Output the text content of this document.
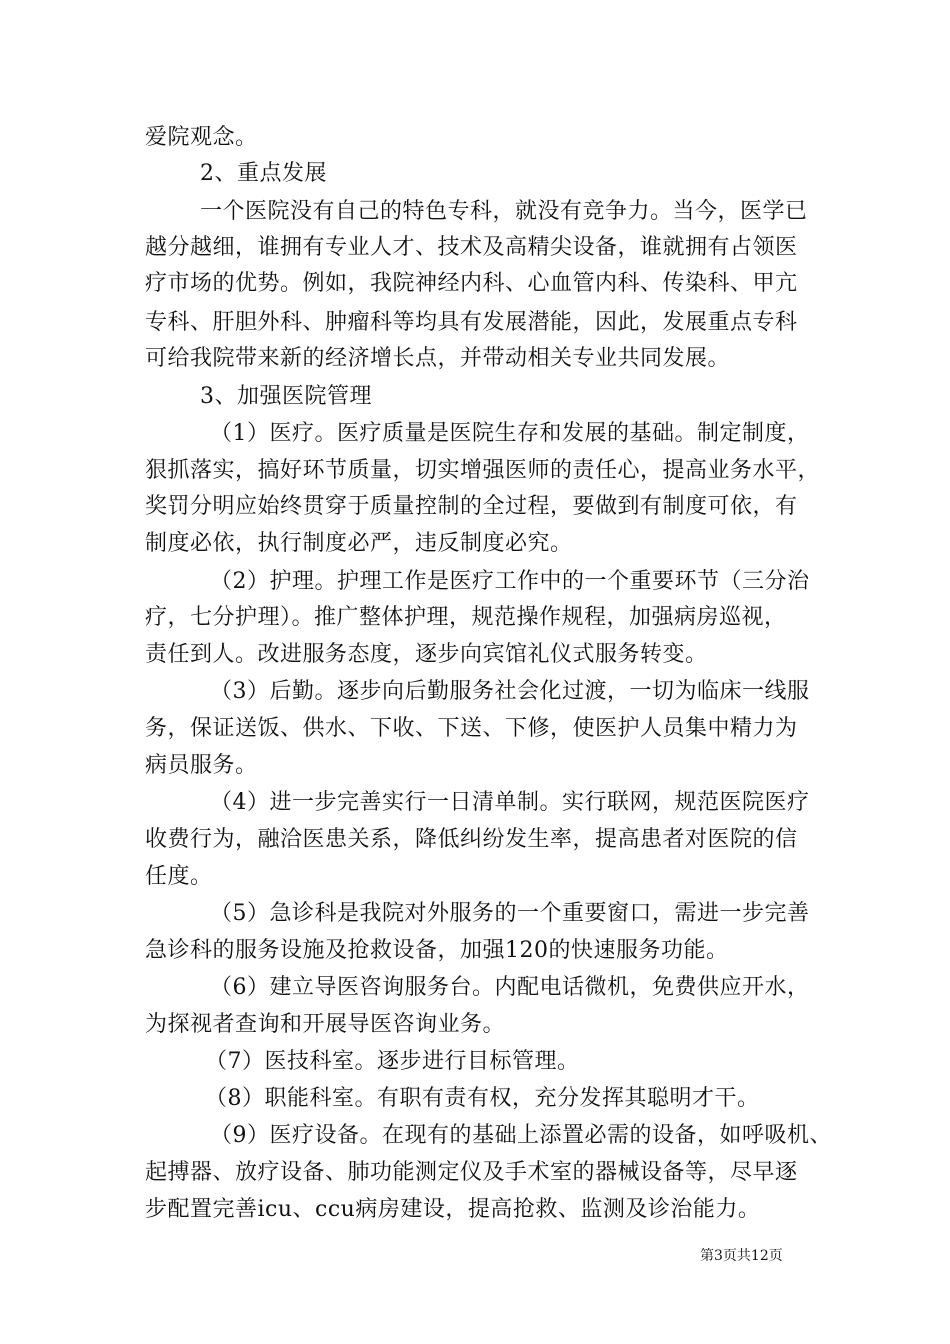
爱院观念。
2、重点发展
一个医院没有自己的特色专科，就没有竞争力。当今，医学已
越分越细，谁拥有专业人才、技术及高精尖设备，谁就拥有占领医
疗市场的优势。例如，我院神经内科、心血管内科、传染科、甲亢
专科、肝胆外科、肿瘤科等均具有发展潜能，因此，发展重点专科
可给我院带来新的经济增长点，并带动相关专业共同发展。
3、加强医院管理
（1）医疗。医疗质量是医院生存和发展的基础。制定制度，
狠抓落实，搞好环节质量，切实增强医师的责任心，提高业务水平，
奖罚分明应始终贯穿于质量控制的全过程，要做到有制度可依，有
制度必依，执行制度必严，违反制度必究。
（2）护理。护理工作是医疗工作中的一个重要环节（三分治
疗，七分护理）。推广整体护理，规范操作规程，加强病房巡视，
责任到人。改进服务态度，逐步向宾馆礼仪式服务转变。
（3）后勤。逐步向后勤服务社会化过渡，一切为临床一线服
务，保证送饭、供水、下收、下送、下修，使医护人员集中精力为
病员服务。
（4）进一步完善实行一日清单制。实行联网，规范医院医疗
收费行为，融洽医患关系，降低纠纷发生率，提高患者对医院的信
任度。
（5）急诊科是我院对外服务的一个重要窗口，需进一步完善
急诊科的服务设施及抢救设备，加强120的快速服务功能。
（6）建立导医咨询服务台。内配电话微机，免费供应开水，
为探视者查询和开展导医咨询业务。
（7）医技科室。逐步进行目标管理。
（8）职能科室。有职有责有权，充分发挥其聪明才干。
（9）医疗设备。在现有的基础上添置必需的设备，如呼吸机、
起搏器、放疗设备、肺功能测定仪及手术室的器械设备等，尽早逐
步配置完善icu、ccu病房建设，提高抢救、监测及诊治能力。
第3页共12页
